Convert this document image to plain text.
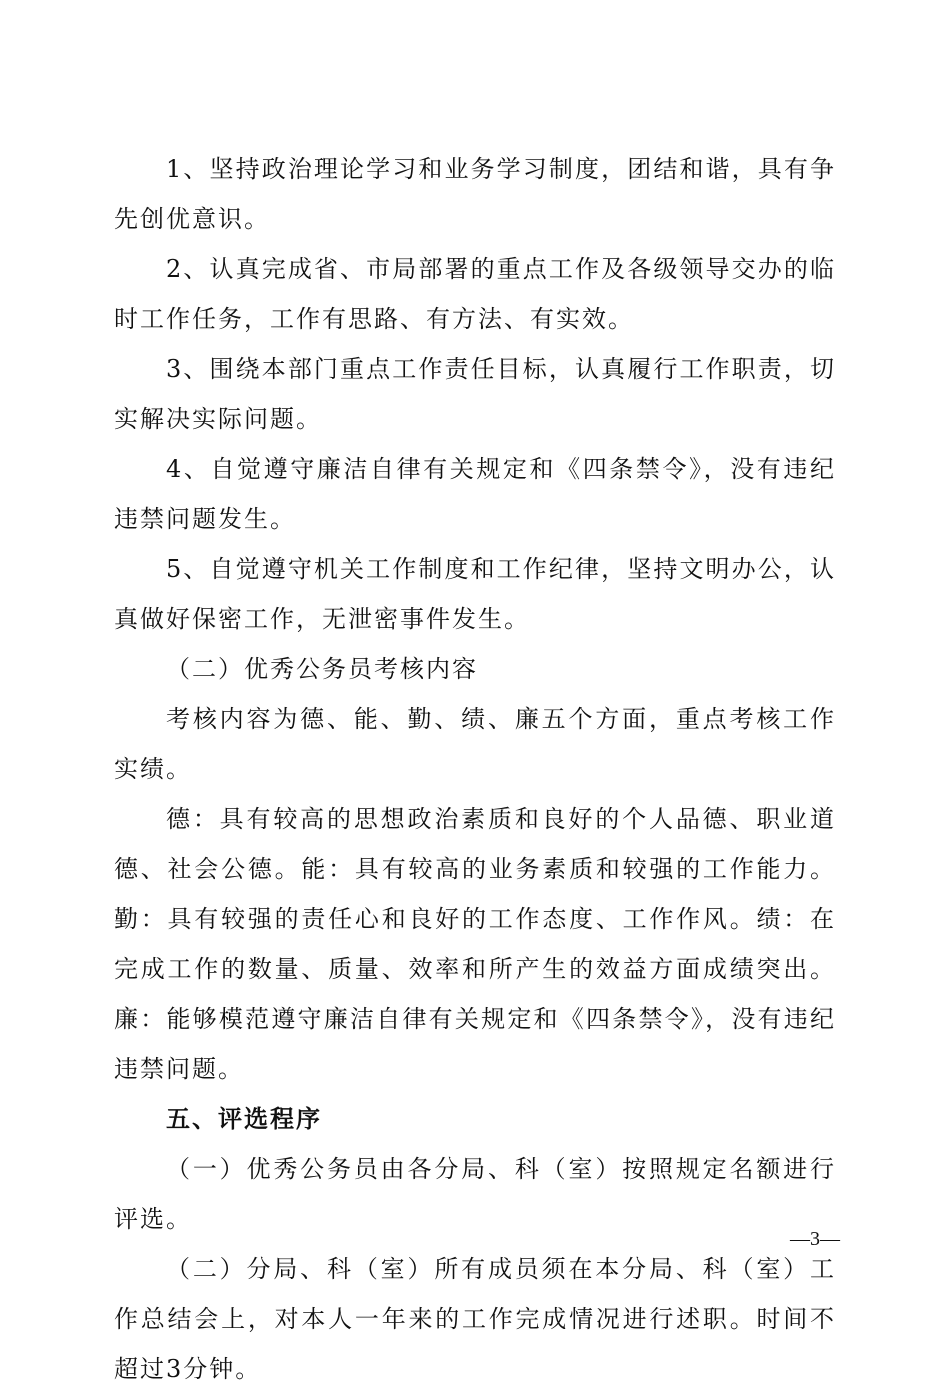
1、坚持政治理论学习和业务学习制度，团结和谐，具有争先创优意识。

2、认真完成省、市局部署的重点工作及各级领导交办的临时工作任务，工作有思路、有方法、有实效。

3、围绕本部门重点工作责任目标，认真履行工作职责，切实解决实际问题。

4、自觉遵守廉洁自律有关规定和《四条禁令》，没有违纪违禁问题发生。

5、自觉遵守机关工作制度和工作纪律，坚持文明办公，认真做好保密工作，无泄密事件发生。

（二）优秀公务员考核内容

考核内容为德、能、勤、绩、廉五个方面，重点考核工作实绩。

德：具有较高的思想政治素质和良好的个人品德、职业道德、社会公德。能：具有较高的业务素质和较强的工作能力。勤：具有较强的责任心和良好的工作态度、工作作风。绩：在完成工作的数量、质量、效率和所产生的效益方面成绩突出。廉：能够模范遵守廉洁自律有关规定和《四条禁令》，没有违纪违禁问题。

五、评选程序

（一）优秀公务员由各分局、科（室）按照规定名额进行评选。

（二）分局、科（室）所有成员须在本分局、科（室）工作总结会上，对本人一年来的工作完成情况进行述职。时间不超过3分钟。

—3—
